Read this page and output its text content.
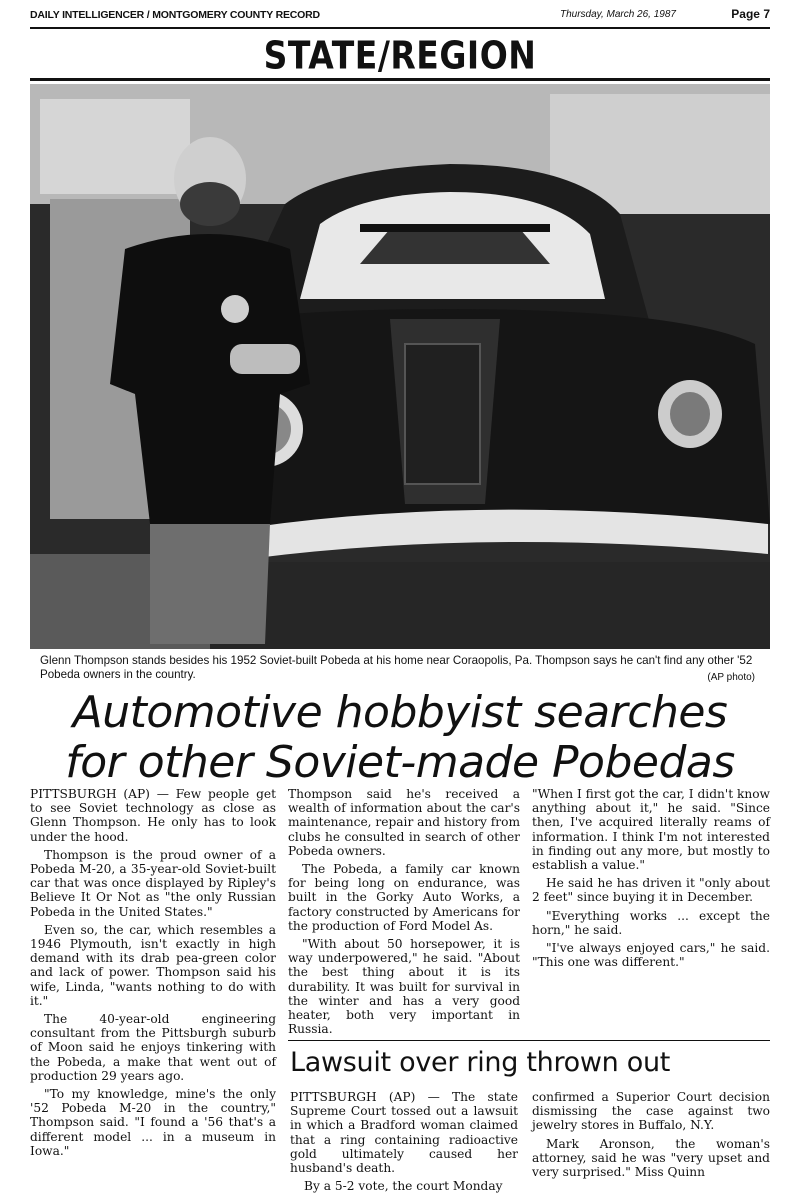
DAILY INTELLIGENCER / MONTGOMERY COUNTY RECORD	Thursday, March 26, 1987	Page 7
STATE/REGION
Glenn Thompson stands besides his 1952 Soviet-built Pobeda at his home near Coraopolis, Pa. Thompson says he can't find any other '52 Pobeda owners in the country.	(AP photo)
Automotive hobbyist searches
for other Soviet-made Pobedas

PITTSBURGH (AP) — Few people get to see Soviet technology as close as Glenn Thompson. He only has to look under the hood.

Thompson is the proud owner of a Pobeda M-20, a 35-year-old Soviet-built car that was once displayed by Ripley's Believe It Or Not as "the only Russian Pobeda in the United States."

Even so, the car, which resembles a 1946 Plymouth, isn't exactly in high demand with its drab pea-green color and lack of power. Thompson said his wife, Linda, "wants nothing to do with it."

The 40-year-old engineering consultant from the Pittsburgh suburb of Moon said he enjoys tinkering with the Pobeda, a make that went out of production 29 years ago.

"To my knowledge, mine's the only '52 Pobeda M-20 in the country," Thompson said. "I found a '56 that's a different model ... in a museum in Iowa."

Thompson said he's received a wealth of information about the car's maintenance, repair and history from clubs he consulted in search of other Pobeda owners.

The Pobeda, a family car known for being long on endurance, was built in the Gorky Auto Works, a factory constructed by Americans for the production of Ford Model As.

"With about 50 horsepower, it is way underpowered," he said. "About the best thing about it is its durability. It was built for survival in the winter and has a very good heater, both very important in Russia.

"When I first got the car, I didn't know anything about it," he said. "Since then, I've acquired literally reams of information. I think I'm not interested in finding out any more, but mostly to establish a value."

He said he has driven it "only about 2 feet" since buying it in December.

"Everything works ... except the horn," he said.

"I've always enjoyed cars," he said. "This one was different."

Lawsuit over ring thrown out

PITTSBURGH (AP) — The state Supreme Court tossed out a lawsuit in which a Bradford woman claimed that a ring containing radioactive gold ultimately caused her husband's death.

By a 5-2 vote, the court Monday

confirmed a Superior Court decision dismissing the case against two jewelry stores in Buffalo, N.Y.

Mark Aronson, the woman's attorney, said he was "very upset and very surprised." Miss Quinn
